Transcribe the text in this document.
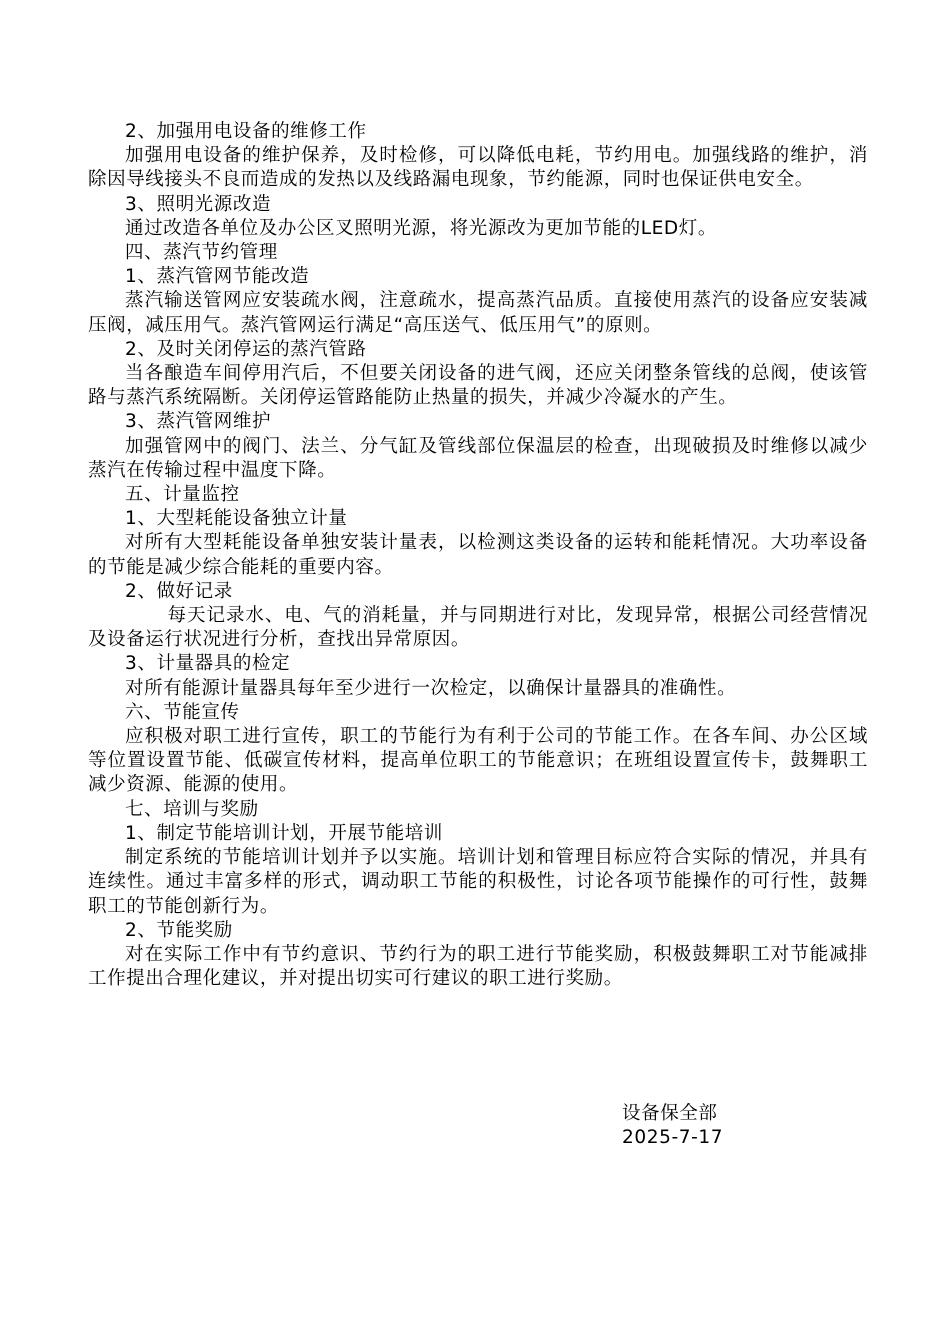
2、加强用电设备的维修工作

加强用电设备的维护保养，及时检修，可以降低电耗，节约用电。加强线路的维护，消除因导线接头不良而造成的发热以及线路漏电现象，节约能源，同时也保证供电安全。

3、照明光源改造

通过改造各单位及办公区叉照明光源，将光源改为更加节能的LED灯。

四、蒸汽节约管理

1、蒸汽管网节能改造

蒸汽输送管网应安装疏水阀，注意疏水，提高蒸汽品质。直接使用蒸汽的设备应安装减压阀，减压用气。蒸汽管网运行满足“高压送气、低压用气”的原则。

2、及时关闭停运的蒸汽管路

当各酿造车间停用汽后，不但要关闭设备的进气阀，还应关闭整条管线的总阀，使该管路与蒸汽系统隔断。关闭停运管路能防止热量的损失，并减少冷凝水的产生。

3、蒸汽管网维护

加强管网中的阀门、法兰、分气缸及管线部位保温层的检查，出现破损及时维修以减少蒸汽在传输过程中温度下降。

五、计量监控

1、大型耗能设备独立计量

对所有大型耗能设备单独安装计量表，以检测这类设备的运转和能耗情况。大功率设备的节能是减少综合能耗的重要内容。

2、做好记录

每天记录水、电、气的消耗量，并与同期进行对比，发现异常，根据公司经营情况及设备运行状况进行分析，查找出异常原因。

3、计量器具的检定

对所有能源计量器具每年至少进行一次检定，以确保计量器具的准确性。

六、节能宣传

应积极对职工进行宣传，职工的节能行为有利于公司的节能工作。在各车间、办公区域等位置设置节能、低碳宣传材料，提高单位职工的节能意识；在班组设置宣传卡，鼓舞职工减少资源、能源的使用。

七、培训与奖励

1、制定节能培训计划，开展节能培训

制定系统的节能培训计划并予以实施。培训计划和管理目标应符合实际的情况，并具有连续性。通过丰富多样的形式，调动职工节能的积极性，讨论各项节能操作的可行性，鼓舞职工的节能创新行为。

2、节能奖励

对在实际工作中有节约意识、节约行为的职工进行节能奖励，积极鼓舞职工对节能减排工作提出合理化建议，并对提出切实可行建议的职工进行奖励。

设备保全部
2025-7-17
